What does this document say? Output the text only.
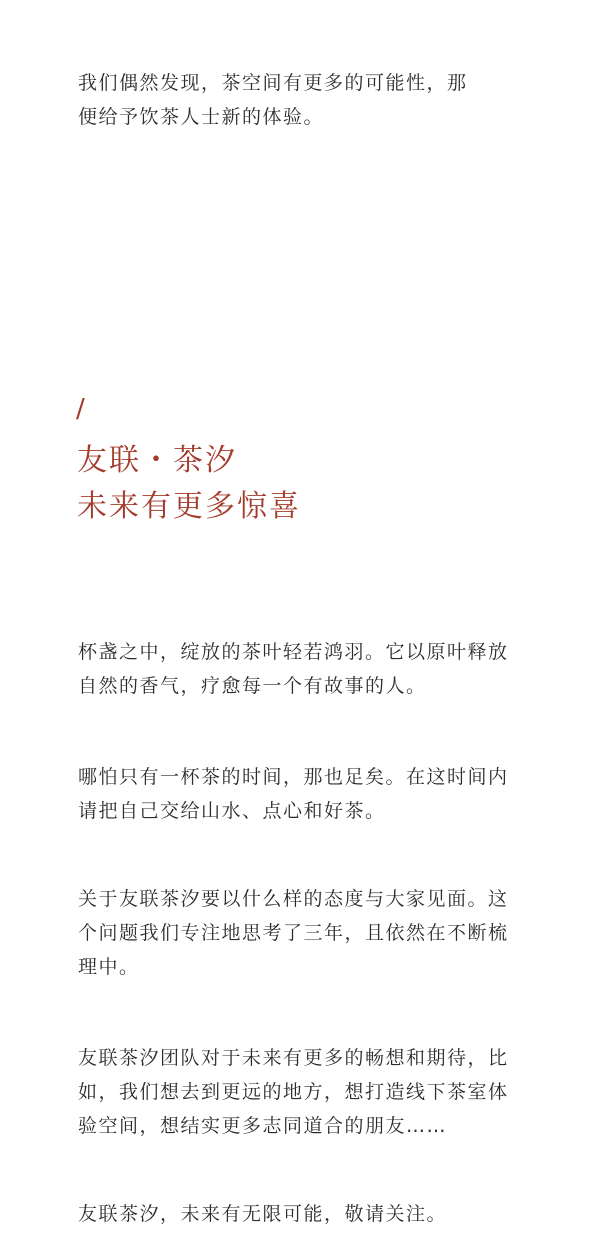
我们偶然发现，茶空间有更多的可能性，那
便给予饮茶人士新的体验。

/

友联・茶汐
未来有更多惊喜

杯盏之中，绽放的茶叶轻若鸿羽。它以原叶释放
自然的香气，疗愈每一个有故事的人。

哪怕只有一杯茶的时间，那也足矣。在这时间内
请把自己交给山水、点心和好茶。

关于友联茶汐要以什么样的态度与大家见面。这
个问题我们专注地思考了三年，且依然在不断梳
理中。

友联茶汐团队对于未来有更多的畅想和期待，比
如，我们想去到更远的地方，想打造线下茶室体
验空间，想结实更多志同道合的朋友……

友联茶汐，未来有无限可能，敬请关注。
